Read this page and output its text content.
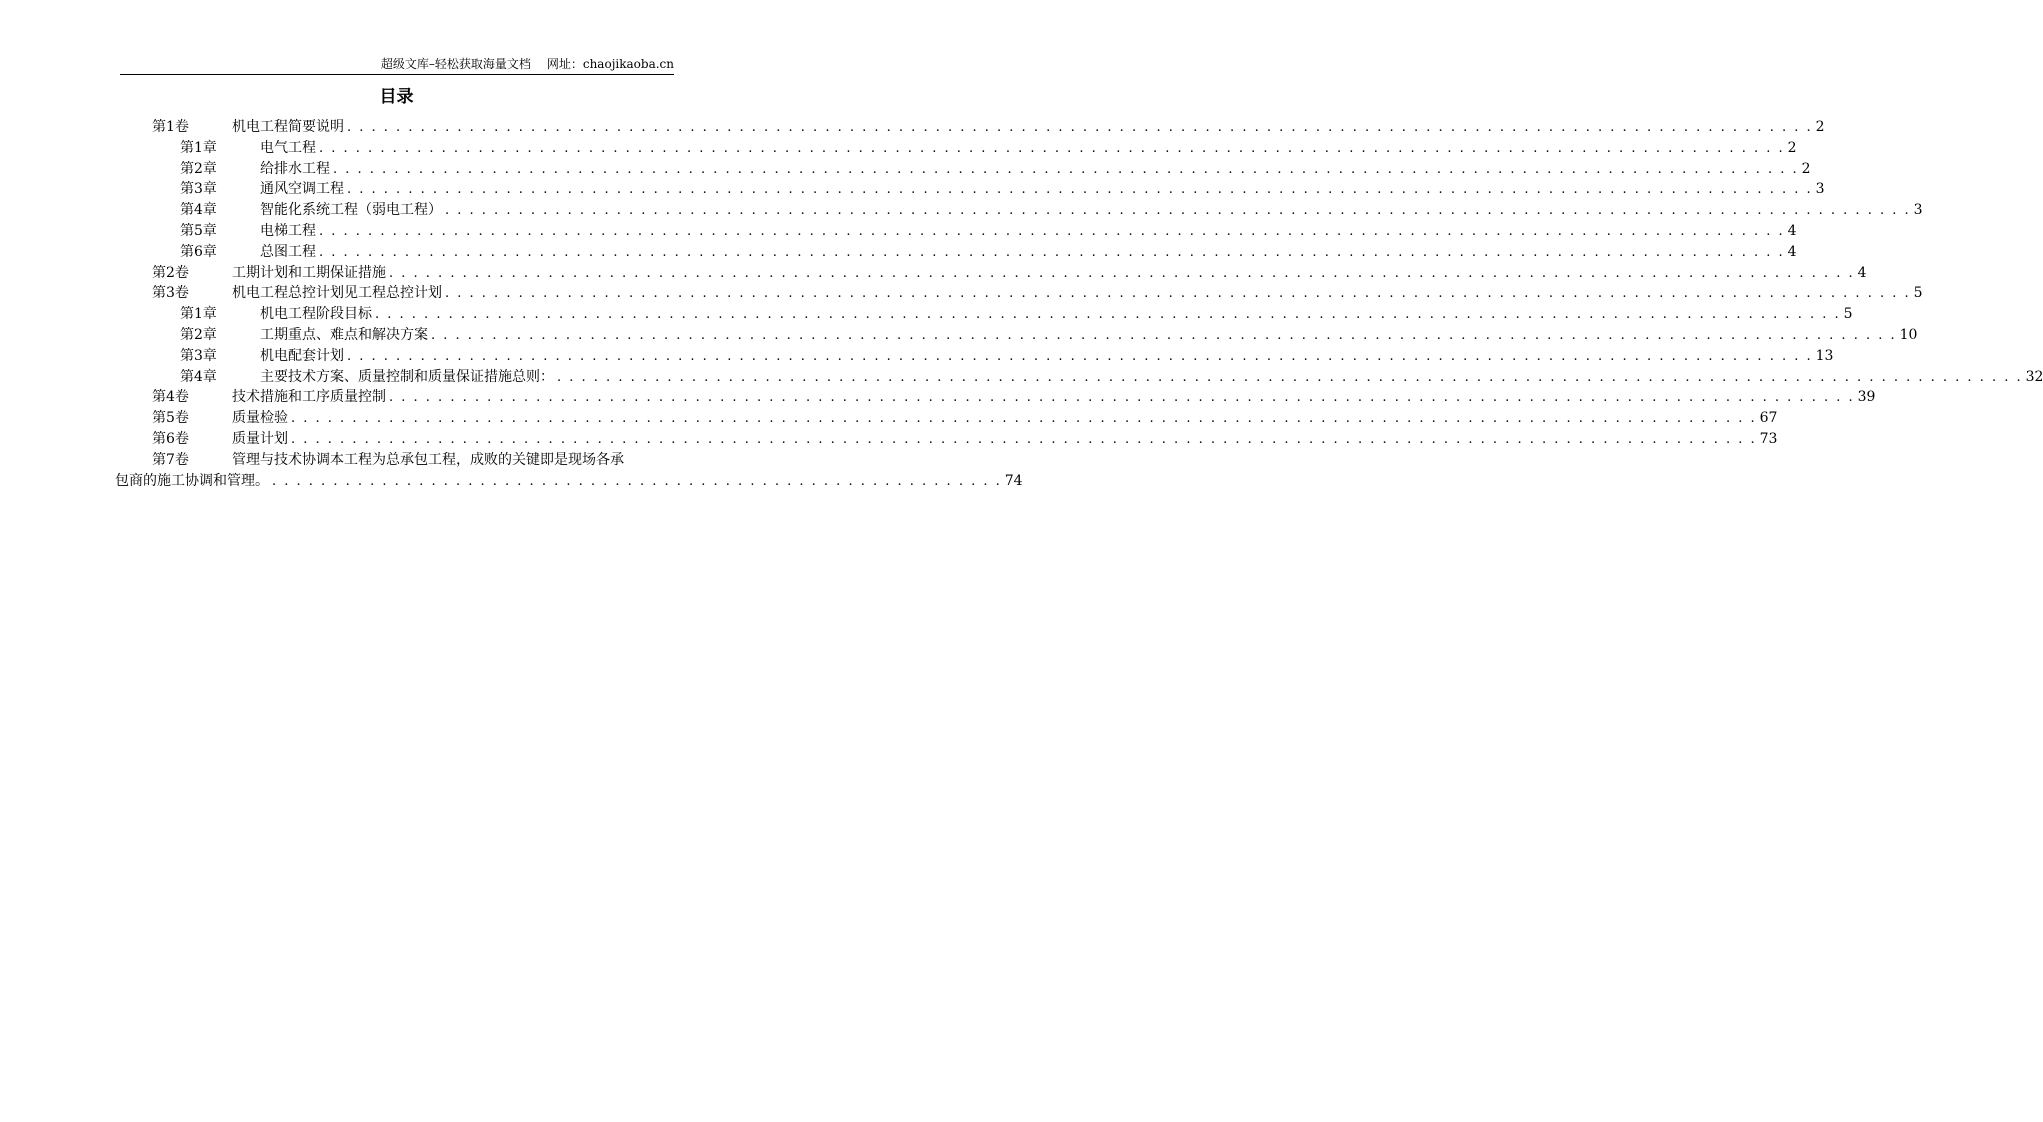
超级文库–轻松获取海量文档 网址：chaojikaoba.cn
目录
第1卷	机电工程简要说明 . . . . . . . . . . . . . . . . . . . . . . . . . . . . . . . . . . . . . . . . . . . . . . . . . . . . . . . . . . . . . . . . . . . . . . . . . . . . . . . . . . . . . . . . . . . . . . . . . . . . . . . . . . . . . . . . . . . . . . . . 2
第1章	电气工程 . . . . . . . . . . . . . . . . . . . . . . . . . . . . . . . . . . . . . . . . . . . . . . . . . . . . . . . . . . . . . . . . . . . . . . . . . . . . . . . . . . . . . . . . . . . . . . . . . . . . . . . . . . . . . . . . . . . . . . . . 2
第2章	给排水工程 . . . . . . . . . . . . . . . . . . . . . . . . . . . . . . . . . . . . . . . . . . . . . . . . . . . . . . . . . . . . . . . . . . . . . . . . . . . . . . . . . . . . . . . . . . . . . . . . . . . . . . . . . . . . . . . . . . . . . . . . 2
第3章	通风空调工程 . . . . . . . . . . . . . . . . . . . . . . . . . . . . . . . . . . . . . . . . . . . . . . . . . . . . . . . . . . . . . . . . . . . . . . . . . . . . . . . . . . . . . . . . . . . . . . . . . . . . . . . . . . . . . . . . . . . . . . . . 3
第4章	智能化系统工程（弱电工程） . . . . . . . . . . . . . . . . . . . . . . . . . . . . . . . . . . . . . . . . . . . . . . . . . . . . . . . . . . . . . . . . . . . . . . . . . . . . . . . . . . . . . . . . . . . . . . . . . . . . . . . . . . . . . . . . . . . . . . . . 3
第5章	电梯工程 . . . . . . . . . . . . . . . . . . . . . . . . . . . . . . . . . . . . . . . . . . . . . . . . . . . . . . . . . . . . . . . . . . . . . . . . . . . . . . . . . . . . . . . . . . . . . . . . . . . . . . . . . . . . . . . . . . . . . . . . 4
第6章	总图工程 . . . . . . . . . . . . . . . . . . . . . . . . . . . . . . . . . . . . . . . . . . . . . . . . . . . . . . . . . . . . . . . . . . . . . . . . . . . . . . . . . . . . . . . . . . . . . . . . . . . . . . . . . . . . . . . . . . . . . . . . 4
第2卷	工期计划和工期保证措施 . . . . . . . . . . . . . . . . . . . . . . . . . . . . . . . . . . . . . . . . . . . . . . . . . . . . . . . . . . . . . . . . . . . . . . . . . . . . . . . . . . . . . . . . . . . . . . . . . . . . . . . . . . . . . . . . . . . . . . . . 4
第3卷	机电工程总控计划见工程总控计划 . . . . . . . . . . . . . . . . . . . . . . . . . . . . . . . . . . . . . . . . . . . . . . . . . . . . . . . . . . . . . . . . . . . . . . . . . . . . . . . . . . . . . . . . . . . . . . . . . . . . . . . . . . . . . . . . . . . . . . . . 5
第1章	机电工程阶段目标 . . . . . . . . . . . . . . . . . . . . . . . . . . . . . . . . . . . . . . . . . . . . . . . . . . . . . . . . . . . . . . . . . . . . . . . . . . . . . . . . . . . . . . . . . . . . . . . . . . . . . . . . . . . . . . . . . . . . . . . . 5
第2章	工期重点、难点和解决方案 . . . . . . . . . . . . . . . . . . . . . . . . . . . . . . . . . . . . . . . . . . . . . . . . . . . . . . . . . . . . . . . . . . . . . . . . . . . . . . . . . . . . . . . . . . . . . . . . . . . . . . . . . . . . . . . . . . . . . . . . 10
第3章	机电配套计划 . . . . . . . . . . . . . . . . . . . . . . . . . . . . . . . . . . . . . . . . . . . . . . . . . . . . . . . . . . . . . . . . . . . . . . . . . . . . . . . . . . . . . . . . . . . . . . . . . . . . . . . . . . . . . . . . . . . . . . . . 13
第4章	主要技术方案、质量控制和质量保证措施总则： . . . . . . . . . . . . . . . . . . . . . . . . . . . . . . . . . . . . . . . . . . . . . . . . . . . . . . . . . . . . . . . . . . . . . . . . . . . . . . . . . . . . . . . . . . . . . . . . . . . . . . . . . . . . . . . . . . . . . . . . 32
第4卷	技术措施和工序质量控制 . . . . . . . . . . . . . . . . . . . . . . . . . . . . . . . . . . . . . . . . . . . . . . . . . . . . . . . . . . . . . . . . . . . . . . . . . . . . . . . . . . . . . . . . . . . . . . . . . . . . . . . . . . . . . . . . . . . . . . . . 39
第5卷	质量检验 . . . . . . . . . . . . . . . . . . . . . . . . . . . . . . . . . . . . . . . . . . . . . . . . . . . . . . . . . . . . . . . . . . . . . . . . . . . . . . . . . . . . . . . . . . . . . . . . . . . . . . . . . . . . . . . . . . . . . . . . 67
第6卷	质量计划 . . . . . . . . . . . . . . . . . . . . . . . . . . . . . . . . . . . . . . . . . . . . . . . . . . . . . . . . . . . . . . . . . . . . . . . . . . . . . . . . . . . . . . . . . . . . . . . . . . . . . . . . . . . . . . . . . . . . . . . . 73
第7卷	管理与技术协调本工程为总承包工程，成败的关键即是现场各承
包商的施工协调和管理。 . . . . . . . . . . . . . . . . . . . . . . . . . . . . . . . . . . . . . . . . . . . . . . . . . . . . . . . . . . . . 74
